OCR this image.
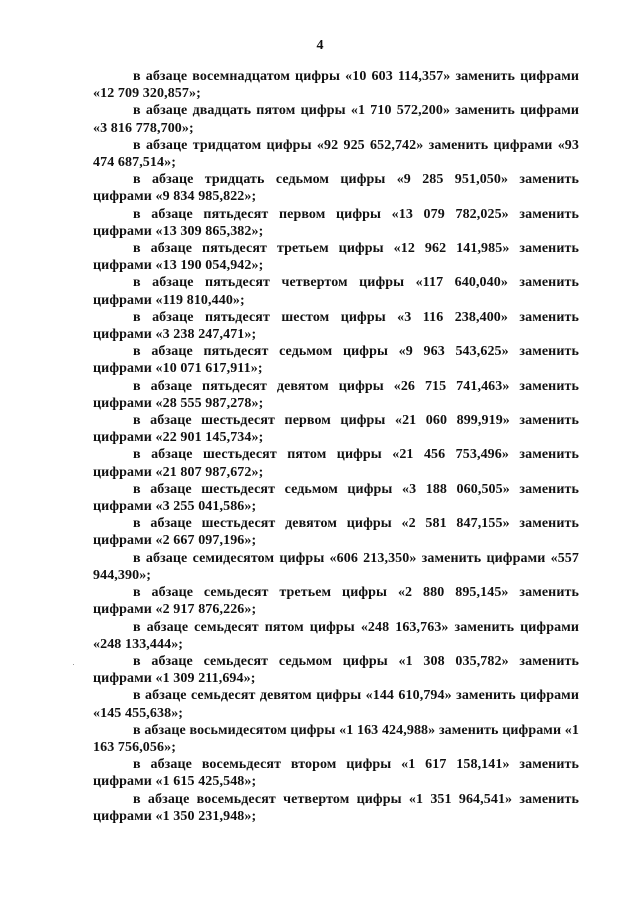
4

в абзаце восемнадцатом цифры «10 603 114,357» заменить цифрами «12 709 320,857»;

в абзаце двадцать пятом цифры «1 710 572,200» заменить цифрами «3 816 778,700»;

в абзаце тридцатом цифры «92 925 652,742» заменить цифрами «93 474 687,514»;

в абзаце тридцать седьмом цифры «9 285 951,050» заменить цифрами «9 834 985,822»;

в абзаце пятьдесят первом цифры «13 079 782,025» заменить цифрами «13 309 865,382»;

в абзаце пятьдесят третьем цифры «12 962 141,985» заменить цифрами «13 190 054,942»;

в абзаце пятьдесят четвертом цифры «117 640,040» заменить цифрами «119 810,440»;

в абзаце пятьдесят шестом цифры «3 116 238,400» заменить цифрами «3 238 247,471»;

в абзаце пятьдесят седьмом цифры «9 963 543,625» заменить цифрами «10 071 617,911»;

в абзаце пятьдесят девятом цифры «26 715 741,463» заменить цифрами «28 555 987,278»;

в абзаце шестьдесят первом цифры «21 060 899,919» заменить цифрами «22 901 145,734»;

в абзаце шестьдесят пятом цифры «21 456 753,496» заменить цифрами «21 807 987,672»;

в абзаце шестьдесят седьмом цифры «3 188 060,505» заменить цифрами «3 255 041,586»;

в абзаце шестьдесят девятом цифры «2 581 847,155» заменить цифрами «2 667 097,196»;

в абзаце семидесятом цифры «606 213,350» заменить цифрами «557 944,390»;

в абзаце семьдесят третьем цифры «2 880 895,145» заменить цифрами «2 917 876,226»;

в абзаце семьдесят пятом цифры «248 163,763» заменить цифрами «248 133,444»;

в абзаце семьдесят седьмом цифры «1 308 035,782» заменить цифрами «1 309 211,694»;

в абзаце семьдесят девятом цифры «144 610,794» заменить цифрами «145 455,638»;

в абзаце восьмидесятом цифры «1 163 424,988» заменить цифрами «1 163 756,056»;

в абзаце восемьдесят втором цифры «1 617 158,141» заменить цифрами «1 615 425,548»;

в абзаце восемьдесят четвертом цифры «1 351 964,541» заменить цифрами «1 350 231,948»;
